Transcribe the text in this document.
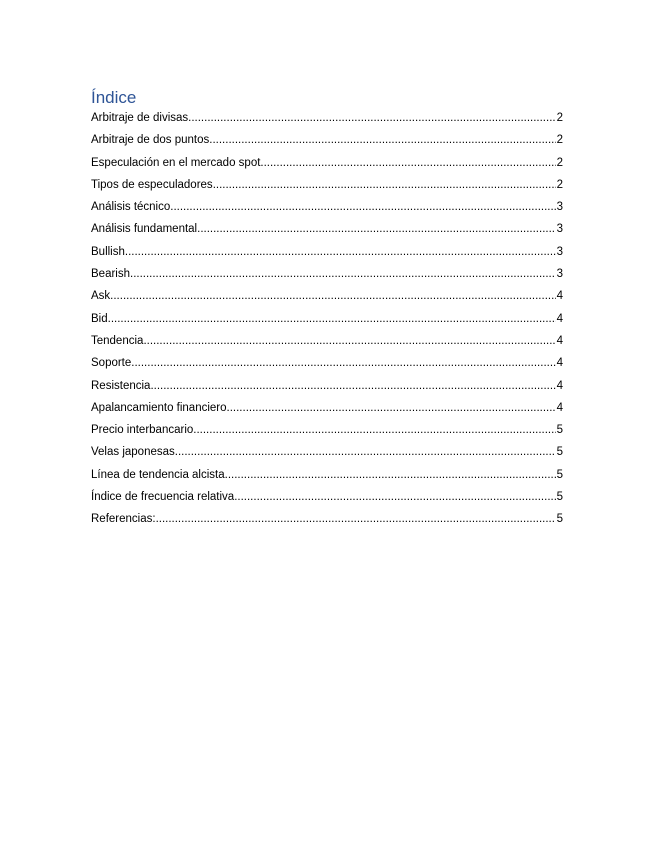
Índice
Arbitraje de divisas .....	2
Arbitraje de dos puntos .....	2
Especulación en el mercado spot .....	2
Tipos de especuladores .....	2
Análisis técnico .....	3
Análisis fundamental .....	3
Bullish .....	3
Bearish .....	3
Ask .....	4
Bid .....	4
Tendencia .....	4
Soporte .....	4
Resistencia .....	4
Apalancamiento financiero .....	4
Precio interbancario .....	5
Velas japonesas .....	5
Línea de tendencia alcista .....	5
Índice de frecuencia relativa .....	5
Referencias: .....	5
